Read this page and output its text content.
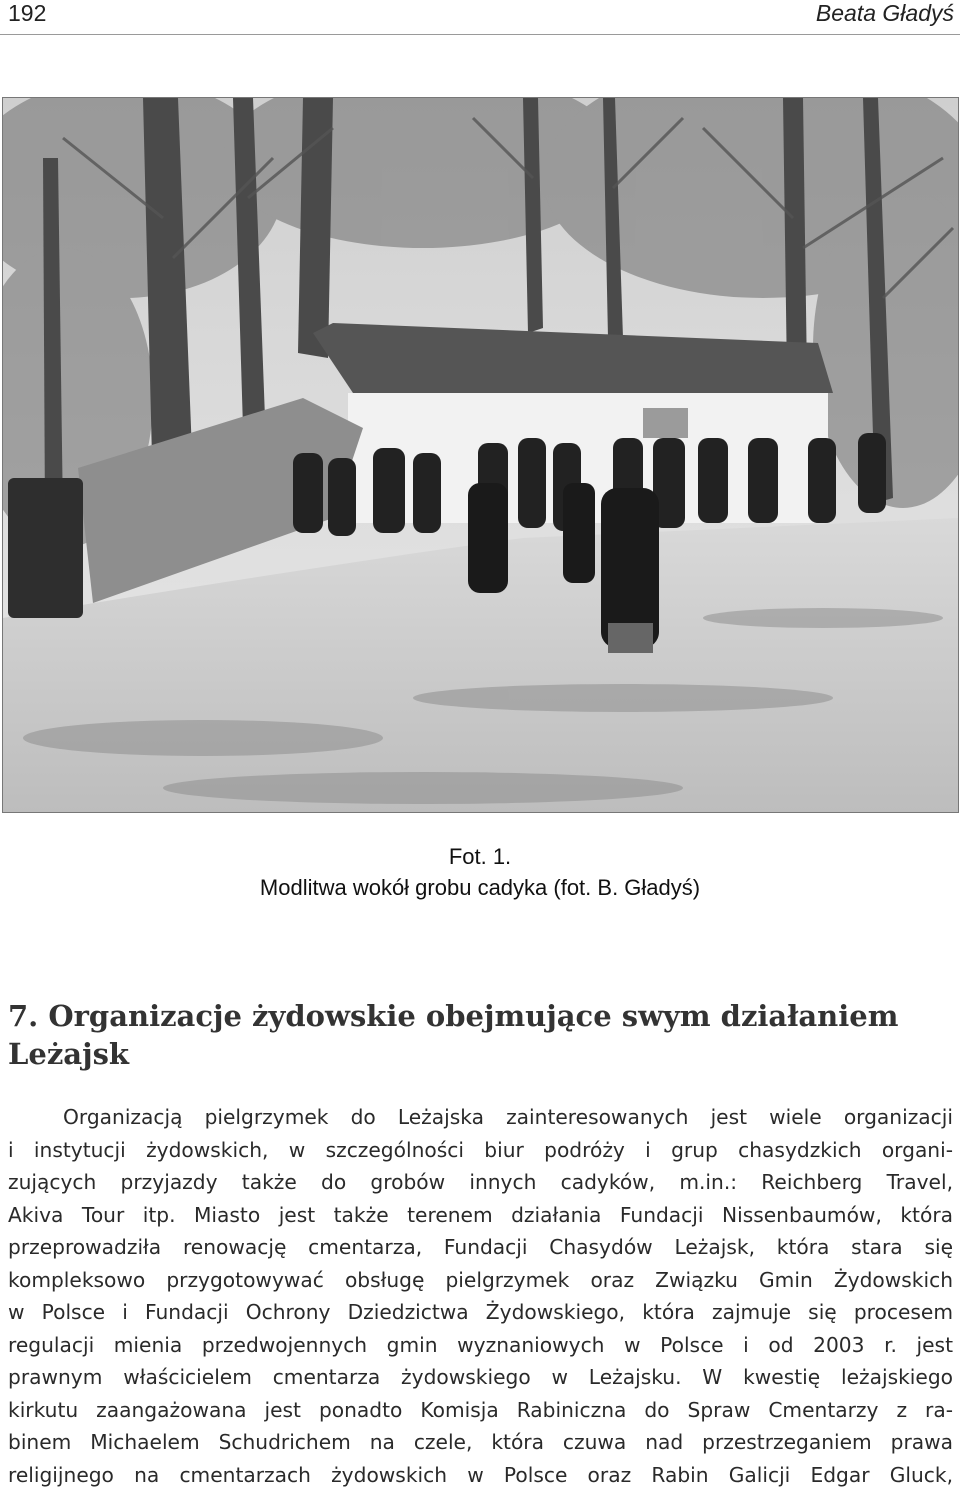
192	Beata Gładyś
Fot. 1.
Modlitwa wokół grobu cadyka (fot. B. Gładyś)
7. Organizacje żydowskie obejmujące swym działaniem
Leżajsk
Organizacją pielgrzymek do Leżajska zainteresowanych jest wiele organizacji
i instytucji żydowskich, w szczególności biur podróży i grup chasydzkich organi-
zujących przyjazdy także do grobów innych cadyków, m.in.: Reichberg Travel,
Akiva Tour itp. Miasto jest także terenem działania Fundacji Nissenbaumów, która
przeprowadziła renowację cmentarza, Fundacji Chasydów Leżajsk, która stara się
kompleksowo przygotowywać obsługę pielgrzymek oraz Związku Gmin Żydowskich
w Polsce i Fundacji Ochrony Dziedzictwa Żydowskiego, która zajmuje się procesem
regulacji mienia przedwojennych gmin wyznaniowych w Polsce i od 2003 r. jest
prawnym właścicielem cmentarza żydowskiego w Leżajsku. W kwestię leżajskiego
kirkutu zaangażowana jest ponadto Komisja Rabiniczna do Spraw Cmentarzy z ra-
binem Michaelem Schudrichem na czele, która czuwa nad przestrzeganiem prawa
religijnego na cmentarzach żydowskich w Polsce oraz Rabin Galicji Edgar Gluck,
